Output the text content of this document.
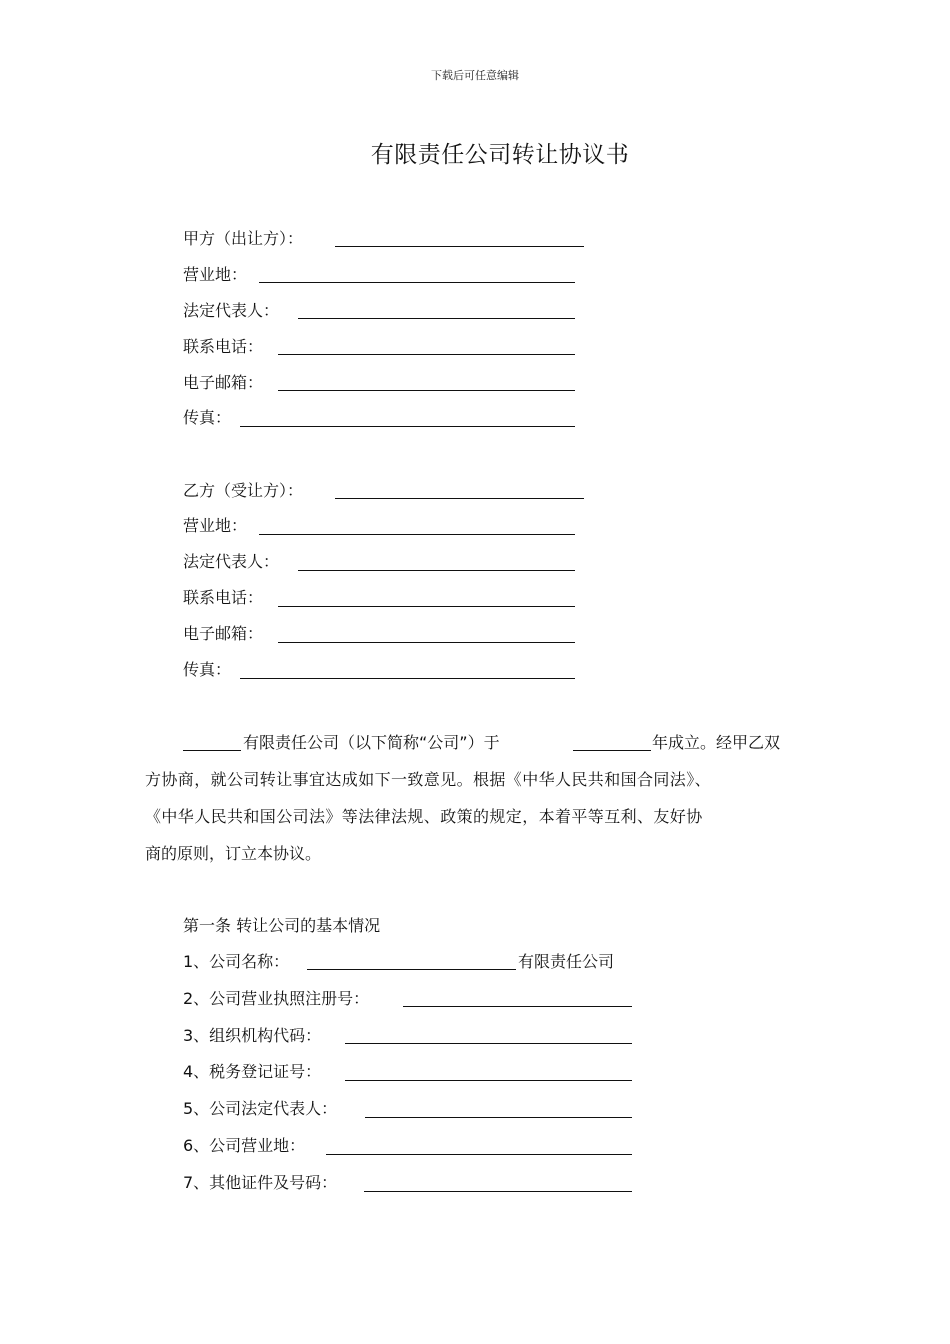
下载后可任意编辑
有限责任公司转让协议书
甲方（出让方）：
营业地：
法定代表人：
联系电话：
电子邮箱：
传真：
乙方（受让方）：
营业地：
法定代表人：
联系电话：
电子邮箱：
传真：
有限责任公司（以下简称“公司”）于	年成立。经甲乙双
方协商，就公司转让事宜达成如下一致意见。根据《中华人民共和国合同法》、
《中华人民共和国公司法》等法律法规、政策的规定，本着平等互利、友好协
商的原则，订立本协议。
第一条 转让公司的基本情况
1、公司名称：	有限责任公司
2、公司营业执照注册号：
3、组织机构代码：
4、税务登记证号：
5、公司法定代表人：
6、公司营业地：
7、其他证件及号码：
